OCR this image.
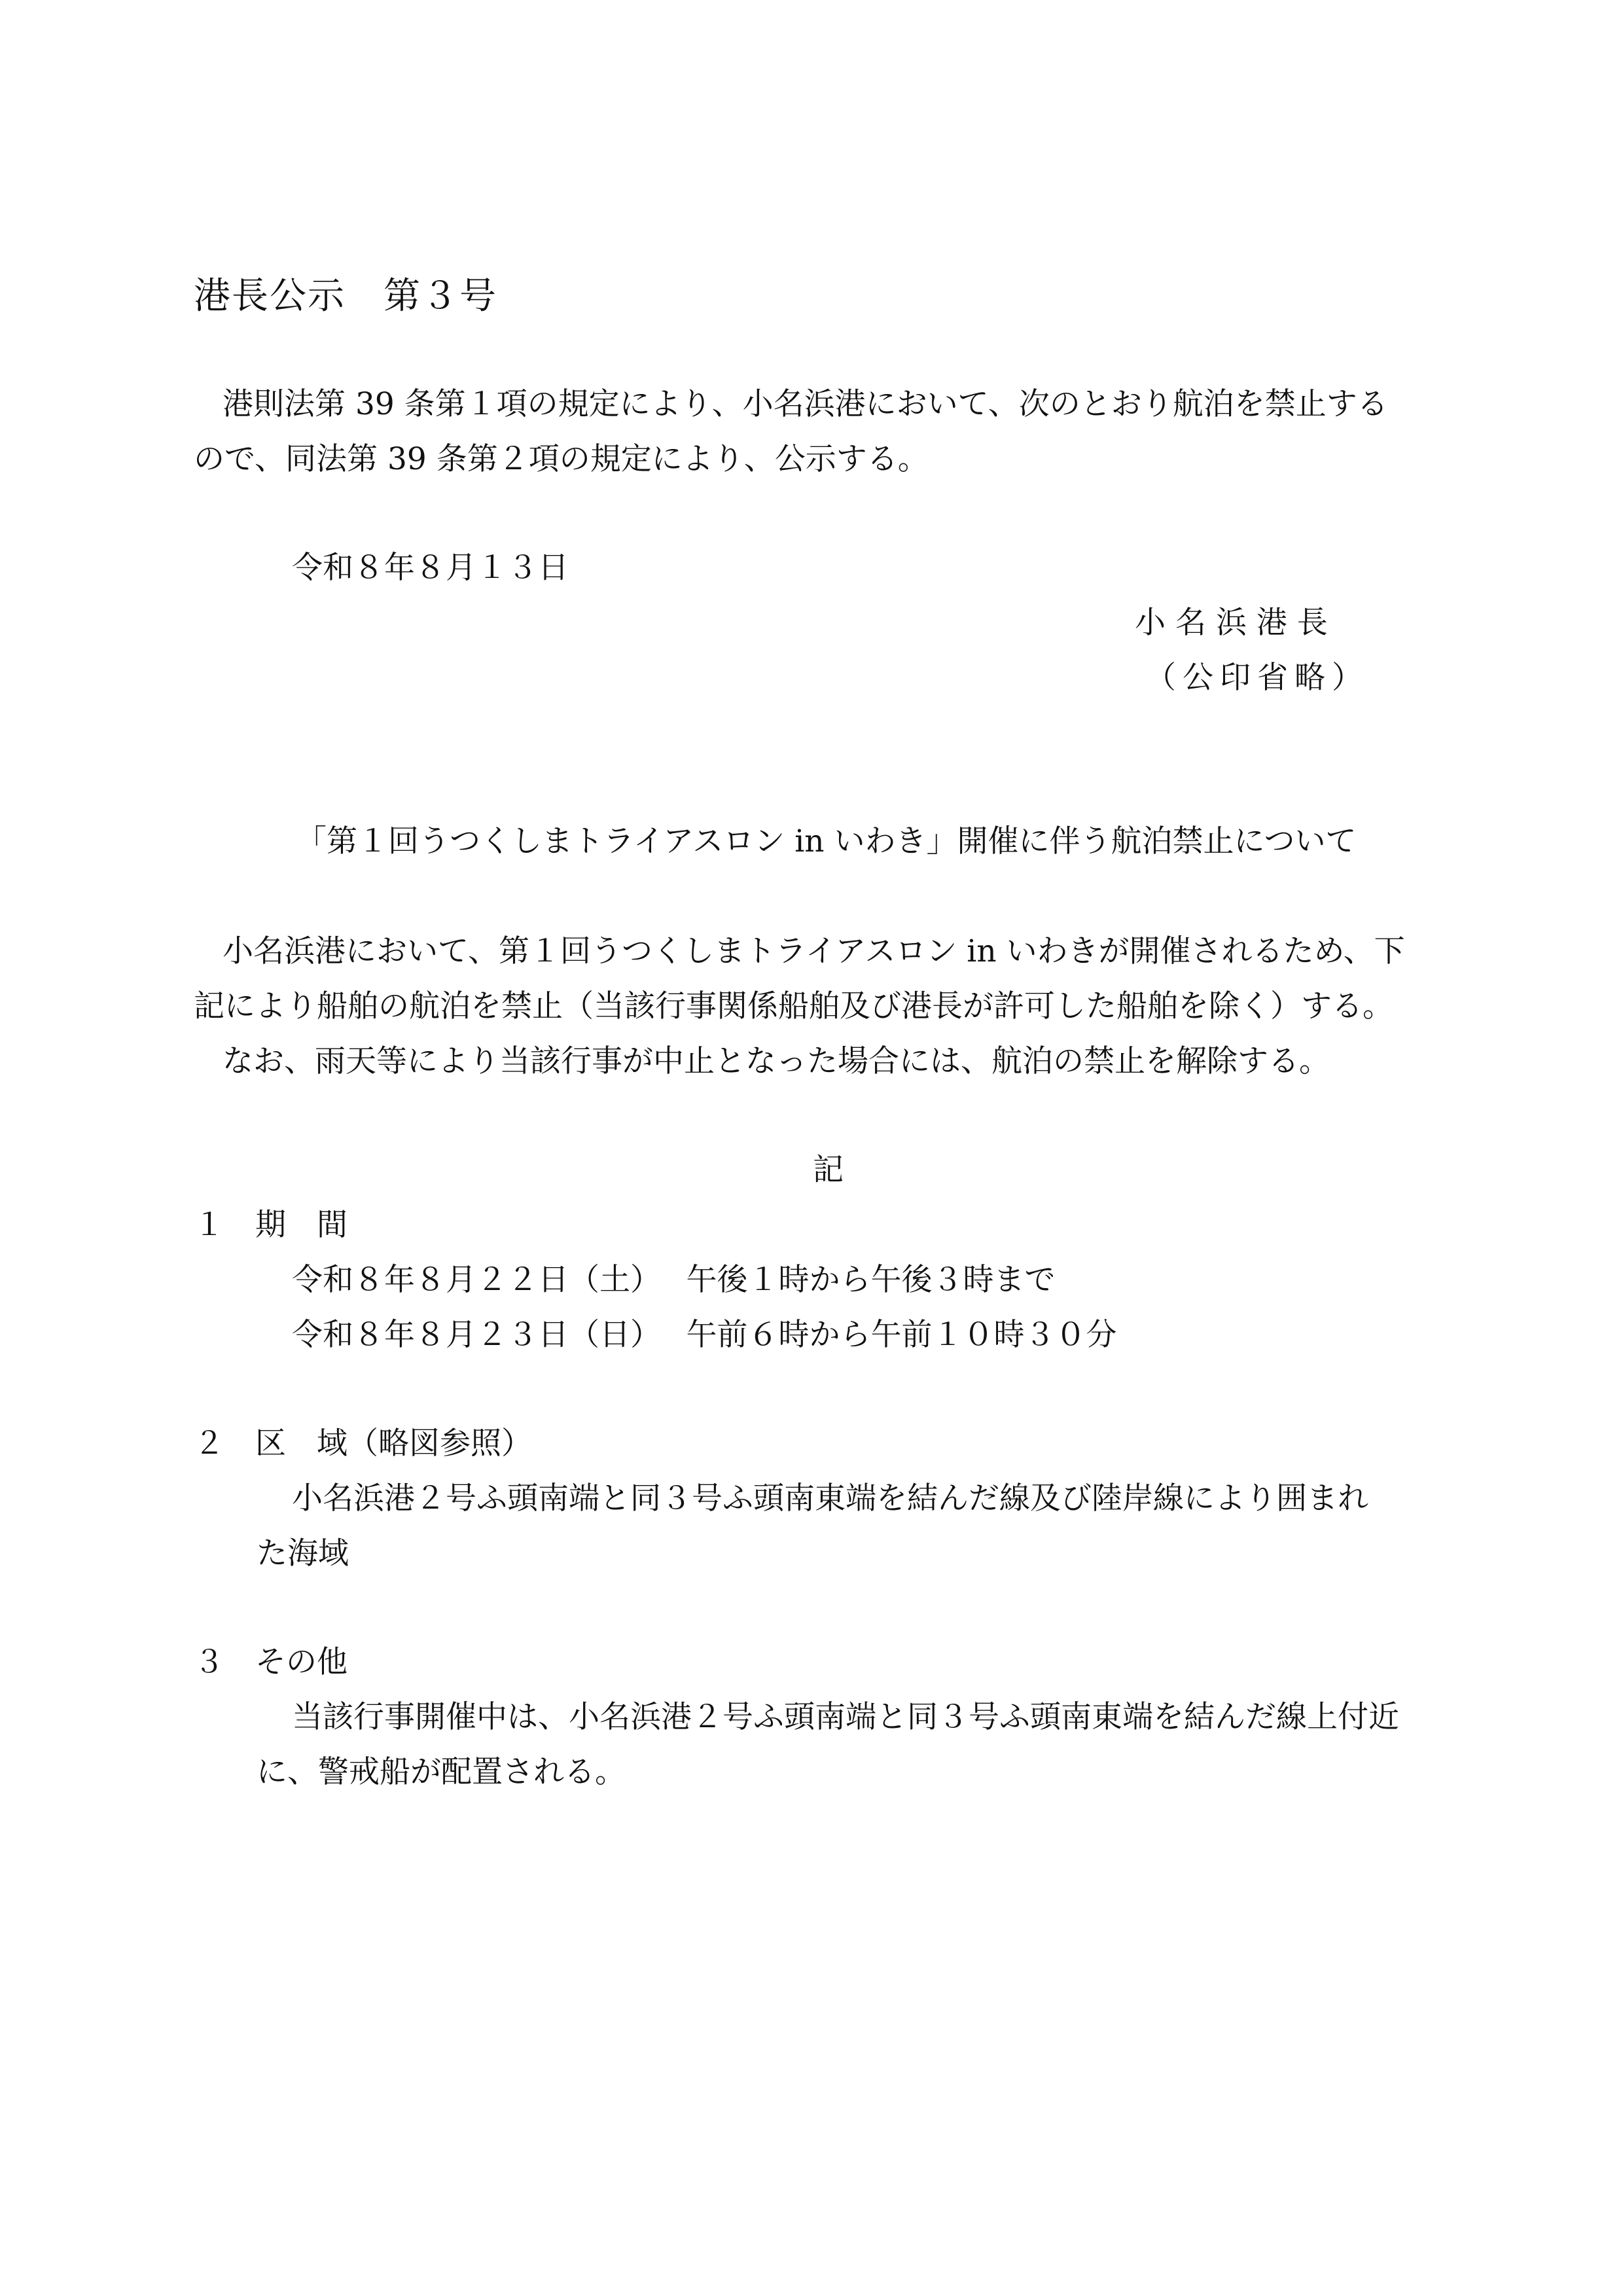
港長公示　第３号
港則法第 39 条第１項の規定により、小名浜港において、次のとおり航泊を禁止する
ので、同法第 39 条第２項の規定により、公示する。
令和８年８月１３日
小 名 浜 港 長
（公印省略）
「第１回うつくしまトライアスロン in いわき」開催に伴う航泊禁止について
小名浜港において、第１回うつくしまトライアスロン in いわきが開催されるため、下
記により船舶の航泊を禁止（当該行事関係船舶及び港長が許可した船舶を除く）する。
なお、雨天等により当該行事が中止となった場合には、航泊の禁止を解除する。
記
１　期　間
令和８年８月２２日（土）　 午後１時から午後３時まで
令和８年８月２３日（日）　 午前６時から午前１０時３０分
２　区　域（略図参照）
小名浜港２号ふ頭南端と同３号ふ頭南東端を結んだ線及び陸岸線により囲まれ
た海域
３　その他
当該行事開催中は、小名浜港２号ふ頭南端と同３号ふ頭南東端を結んだ線上付近
に、警戒船が配置される。
